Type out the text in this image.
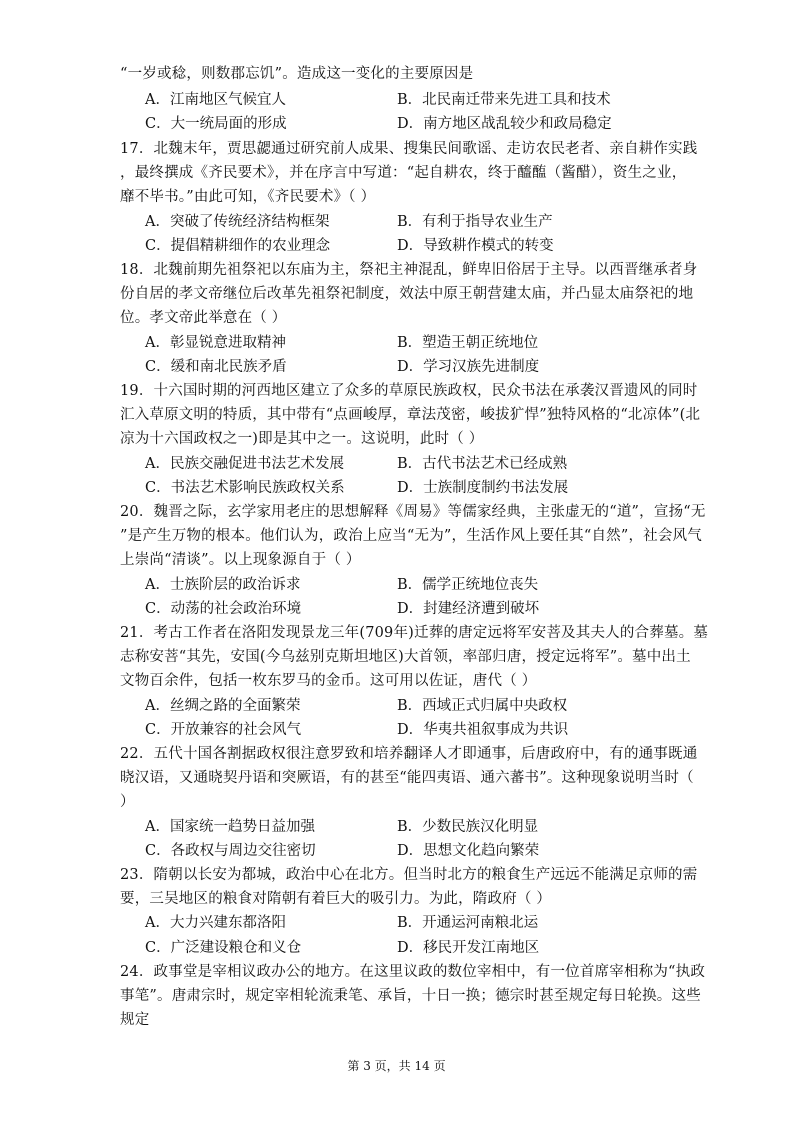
“一岁或稔，则数郡忘饥”。造成这一变化的主要原因是
A．江南地区气候宜人	B．北民南迁带来先进工具和技术
C．大一统局面的形成	D．南方地区战乱较少和政局稳定
17．北魏末年，贾思勰通过研究前人成果、搜集民间歌谣、走访农民老者、亲自耕作实践
，最终撰成《齐民要术》，并在序言中写道：“起自耕农，终于醯醢（酱醋），资生之业，
靡不毕书。”由此可知，《齐民要术》（ ）
A．突破了传统经济结构框架	B．有利于指导农业生产
C．提倡精耕细作的农业理念	D．导致耕作模式的转变
18．北魏前期先祖祭祀以东庙为主，祭祀主神混乱，鲜卑旧俗居于主导。以西晋继承者身
份自居的孝文帝继位后改革先祖祭祀制度，效法中原王朝营建太庙，并凸显太庙祭祀的地
位。孝文帝此举意在（ ）
A．彰显锐意进取精神	B．塑造王朝正统地位
C．缓和南北民族矛盾	D．学习汉族先进制度
19．十六国时期的河西地区建立了众多的草原民族政权，民众书法在承袭汉晋遗风的同时
汇入草原文明的特质，其中带有“点画峻厚，章法茂密，峻拔犷悍”独特风格的“北凉体”(北
凉为十六国政权之一)即是其中之一。这说明，此时（ ）
A．民族交融促进书法艺术发展	B．古代书法艺术已经成熟
C．书法艺术影响民族政权关系	D．士族制度制约书法发展
20．魏晋之际，玄学家用老庄的思想解释《周易》等儒家经典，主张虚无的“道”，宣扬“无
”是产生万物的根本。他们认为，政治上应当“无为”，生活作风上要任其“自然”，社会风气
上崇尚“清谈”。以上现象源自于（ ）
A．士族阶层的政治诉求	B．儒学正统地位丧失
C．动荡的社会政治环境	D．封建经济遭到破坏
21．考古工作者在洛阳发现景龙三年(709年)迁葬的唐定远将军安菩及其夫人的合葬墓。墓
志称安菩“其先，安国(今乌兹别克斯坦地区)大首领，率部归唐，授定远将军”。墓中出土
文物百余件，包括一枚东罗马的金币。这可用以佐证，唐代（ ）
A．丝绸之路的全面繁荣	B．西域正式归属中央政权
C．开放兼容的社会风气	D．华夷共祖叙事成为共识
22．五代十国各割据政权很注意罗致和培养翻译人才即通事，后唐政府中，有的通事既通
晓汉语，又通晓契丹语和突厥语，有的甚至“能四夷语、通六蕃书”。这种现象说明当时（
）
A．国家统一趋势日益加强	B．少数民族汉化明显
C．各政权与周边交往密切	D．思想文化趋向繁荣
23．隋朝以长安为都城，政治中心在北方。但当时北方的粮食生产远远不能满足京师的需
要，三吴地区的粮食对隋朝有着巨大的吸引力。为此，隋政府（ ）
A．大力兴建东都洛阳	B．开通运河南粮北运
C．广泛建设粮仓和义仓	D．移民开发江南地区
24．政事堂是宰相议政办公的地方。在这里议政的数位宰相中，有一位首席宰相称为“执政
事笔”。唐肃宗时，规定宰相轮流秉笔、承旨，十日一换；德宗时甚至规定每日轮换。这些
规定
第 3 页，共 14 页
